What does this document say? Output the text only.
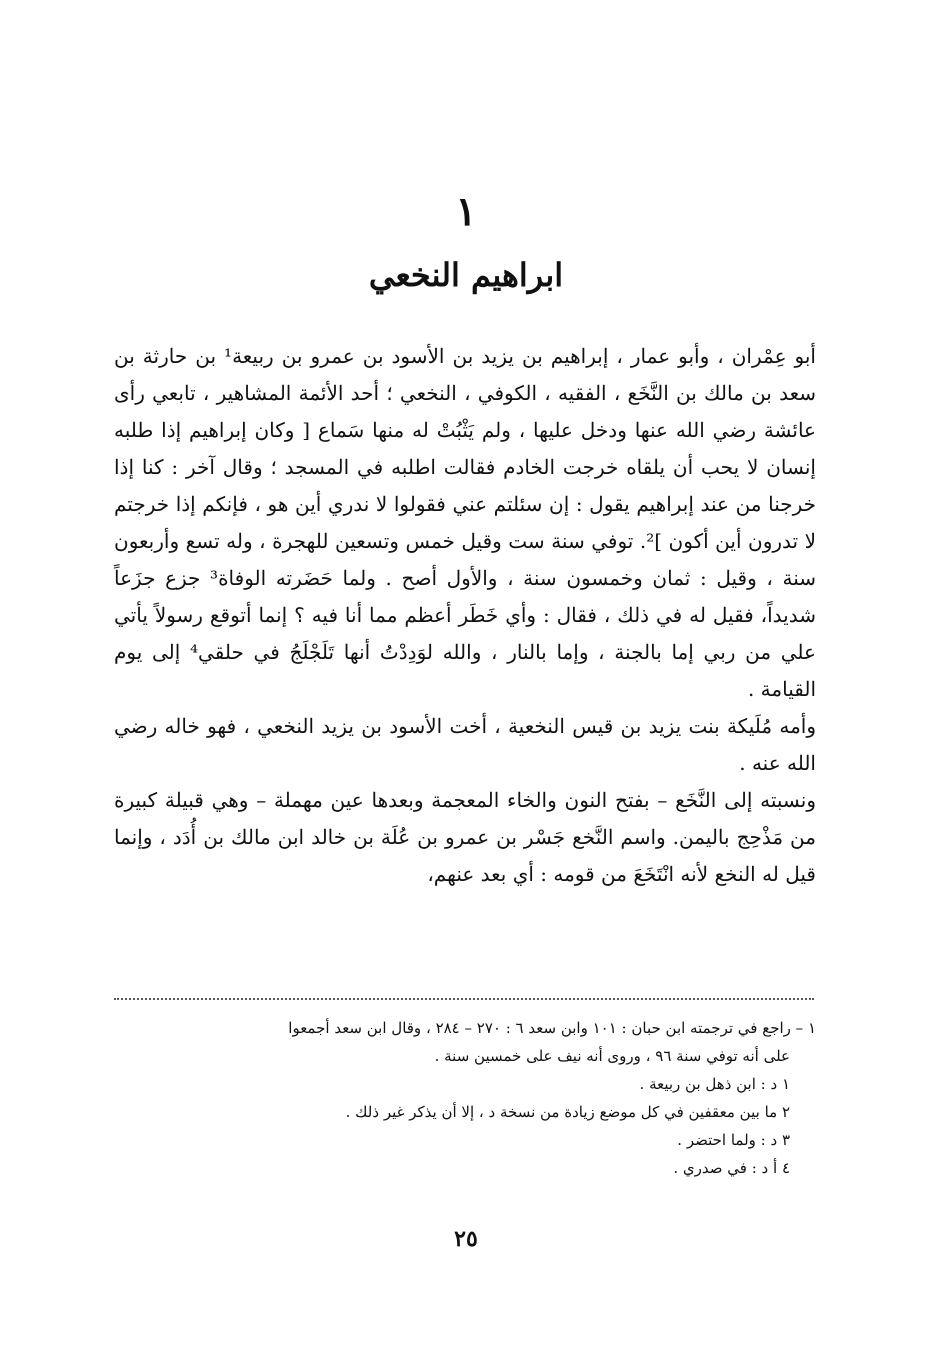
١
ابراهيم النخعي

أبو عِمْران ، وأبو عمار ، إبراهيم بن يزيد بن الأسود بن عمرو بن ربيعة¹ بن حارثة بن سعد بن مالك بن النَّخَع ، الفقيه ، الكوفي ، النخعي ؛ أحد الأئمة المشاهير ، تابعي رأى عائشة رضي الله عنها ودخل عليها ، ولم يَثْبُتْ له منها سَماع [ وكان إبراهيم إذا طلبه إنسان لا يحب أن يلقاه خرجت الخادم فقالت اطلبه في المسجد ؛ وقال آخر : كنا إذا خرجنا من عند إبراهيم يقول : إن سئلتم عني فقولوا لا ندري أين هو ، فإنكم إذا خرجتم لا تدرون أين أكون ]². توفي سنة ست وقيل خمس وتسعين للهجرة ، وله تسع وأربعون سنة ، وقيل : ثمان وخمسون سنة ، والأول أصح . ولما حَضَرته الوفاة³ جزع جزَعاً شديداً، فقيل له في ذلك ، فقال : وأي خَطَر أعظم مما أنا فيه ؟ إنما أتوقع رسولاً يأتي علي من ربي إما بالجنة ، وإما بالنار ، والله لوَدِدْتُ أنها تَلَجْلَجُ في حلقي⁴ إلى يوم القيامة .

وأمه مُلَيكة بنت يزيد بن قيس النخعية ، أخت الأسود بن يزيد النخعي ، فهو خاله رضي الله عنه .

ونسبته إلى النَّخَع – بفتح النون والخاء المعجمة وبعدها عين مهملة – وهي قبيلة كبيرة من مَذْحِج باليمن. واسم النَّخع جَسْر بن عمرو بن عُلَة بن خالد ابن مالك بن أُدَد ، وإنما قيل له النخع لأنه انْتَخَعَ من قومه : أي بعد عنهم،

١ – راجع في ترجمته ابن حبان : ١٠١ وابن سعد ٦ : ٢٧٠ – ٢٨٤ ، وقال ابن سعد أجمعوا

على أنه توفي سنة ٩٦ ، وروى أنه نيف على خمسين سنة .

١ د : ابن ذهل بن ربيعة .

٢ ما بين معقفين في كل موضع زيادة من نسخة د ، إلا أن يذكر غير ذلك .

٣ د : ولما احتضر .

٤ أ د : في صدري .

٢٥
